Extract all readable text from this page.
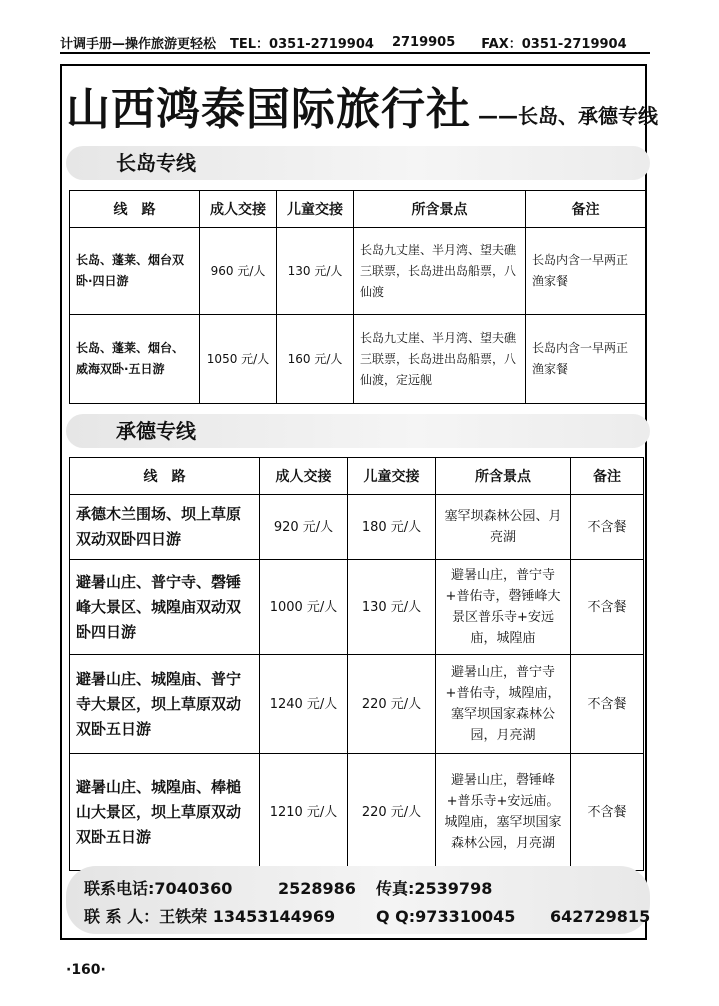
计调手册—操作旅游更轻松 TEL：0351-2719904 2719905 FAX：0351-2719904
山西鸿泰国际旅行社 ——长岛、承德专线
长岛专线
线　路	成人交接	儿童交接	所含景点	备注
长岛、蓬莱、烟台双卧·四日游	960 元/人	130 元/人	长岛九丈崖、半月湾、望夫礁三联票，长岛进出岛船票，八仙渡	长岛内含一早两正渔家餐
长岛、蓬莱、烟台、威海双卧·五日游	1050 元/人	160 元/人	长岛九丈崖、半月湾、望夫礁三联票，长岛进出岛船票，八仙渡，定远舰	长岛内含一早两正渔家餐
承德专线
线　路	成人交接	儿童交接	所含景点	备注
承德木兰围场、坝上草原双动双卧四日游	920 元/人	180 元/人	塞罕坝森林公园、月亮湖	不含餐
避暑山庄、普宁寺、磬锤峰大景区、城隍庙双动双卧四日游	1000 元/人	130 元/人	避暑山庄，普宁寺+普佑寺，磬锤峰大景区普乐寺+安远庙，城隍庙	不含餐
避暑山庄、城隍庙、普宁寺大景区，坝上草原双动双卧五日游	1240 元/人	220 元/人	避暑山庄，普宁寺+普佑寺，城隍庙，塞罕坝国家森林公园，月亮湖	不含餐
避暑山庄、城隍庙、棒槌山大景区，坝上草原双动双卧五日游	1210 元/人	220 元/人	避暑山庄，磬锤峰+普乐寺+安远庙。城隍庙，塞罕坝国家森林公园，月亮湖	不含餐
联系电话:7040360	2528986 传真:2539798
联 系 人：王铁荣 13453144969	Q Q:973310045 642729815
·160·
